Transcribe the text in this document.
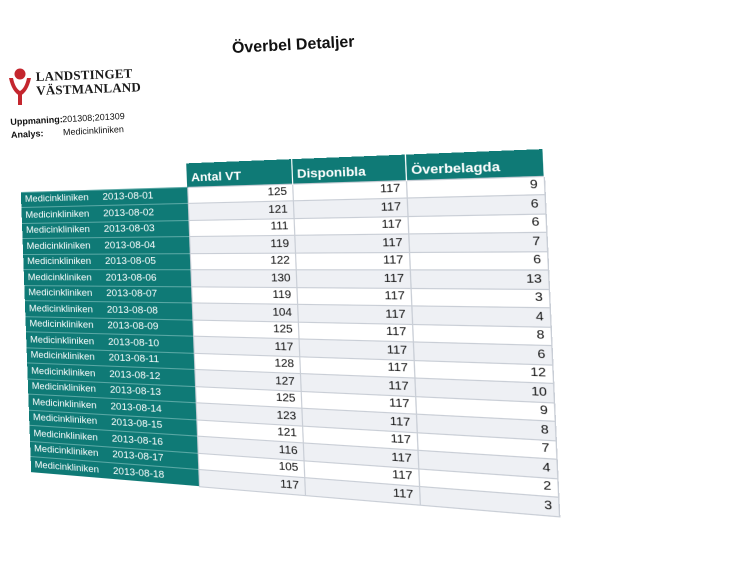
Överbel Detaljer
LANDSTINGET
VÄSTMANLAND
Uppmaning:
201308;201309
Analys:	Medicinkliniken
		Antal VT	Disponibla	Överbelagda
Medicinkliniken	2013-08-01	125	117	9
Medicinkliniken	2013-08-02	121	117	6
Medicinkliniken	2013-08-03	111	117	6
Medicinkliniken	2013-08-04	119	117	7
Medicinkliniken	2013-08-05	122	117	6
Medicinkliniken	2013-08-06	130	117	13
Medicinkliniken	2013-08-07	119	117	3
Medicinkliniken	2013-08-08	104	117	4
Medicinkliniken	2013-08-09	125	117	8
Medicinkliniken	2013-08-10	117	117	6
Medicinkliniken	2013-08-11	128	117	12
Medicinkliniken	2013-08-12	127	117	10
Medicinkliniken	2013-08-13	125	117	9
Medicinkliniken	2013-08-14	123	117	8
Medicinkliniken	2013-08-15	121	117	7
Medicinkliniken	2013-08-16	116	117	4
Medicinkliniken	2013-08-17	105	117	2
Medicinkliniken	2013-08-18	117	117	3
